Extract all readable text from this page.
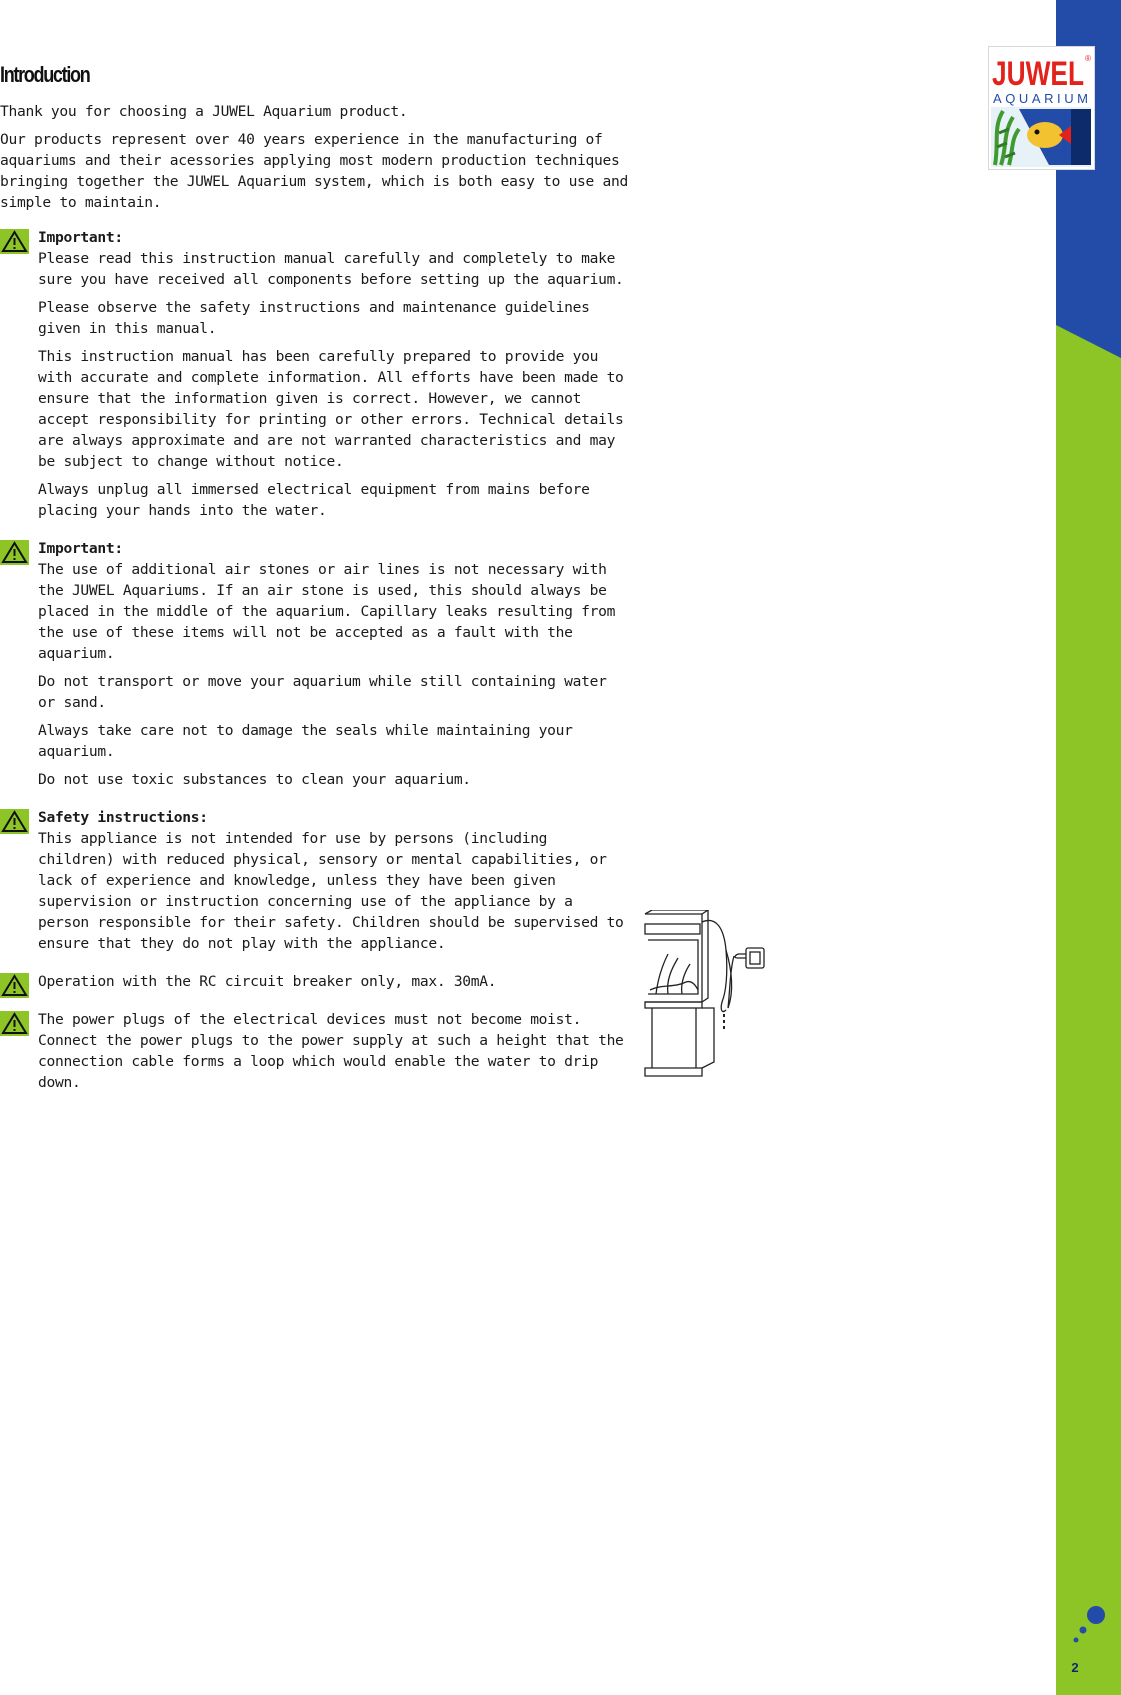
2
JUWEL ®
AQUARIUM
Introduction

Thank you for choosing a JUWEL Aquarium product.

Our products represent over 40 years experience in the manufacturing of aquariums and their acessories applying most modern production techniques bringing together the JUWEL Aquarium system, which is both easy to use and simple to maintain.

Important:

Please read this instruction manual carefully and completely to make sure you have received all components before setting up the aquarium.

Please observe the safety instructions and maintenance guidelines given in this manual.

This instruction manual has been carefully prepared to provide you with accurate and complete information. All efforts have been made to ensure that the information given is correct. However, we cannot accept responsibility for printing or other errors. Technical details are always approximate and are not warranted characteristics and may be subject to change without notice.

Always unplug all immersed electrical equipment from mains before placing your hands into the water.

Important:

The use of additional air stones or air lines is not necessary with the JUWEL Aquariums. If an air stone is used, this should always be placed in the middle of the aquarium. Capillary leaks resulting from the use of these items will not be accepted as a fault with the aquarium.

Do not transport or move your aquarium while still containing water or sand.

Always take care not to damage the seals while maintaining your aquarium.

Do not use toxic substances to clean your aquarium.

Safety instructions:

This appliance is not intended for use by persons (including children) with reduced physical, sensory or mental capabilities, or lack of experience and knowledge, unless they have been given supervision or instruction concerning use of the appliance by a person responsible for their safety. Children should be supervised to ensure that they do not play with the appliance.

Operation with the RC circuit breaker only, max. 30mA.

The power plugs of the electrical devices must not become moist. Connect the power plugs to the power supply at such a height that the connection cable forms a loop which would enable the water to drip down.
